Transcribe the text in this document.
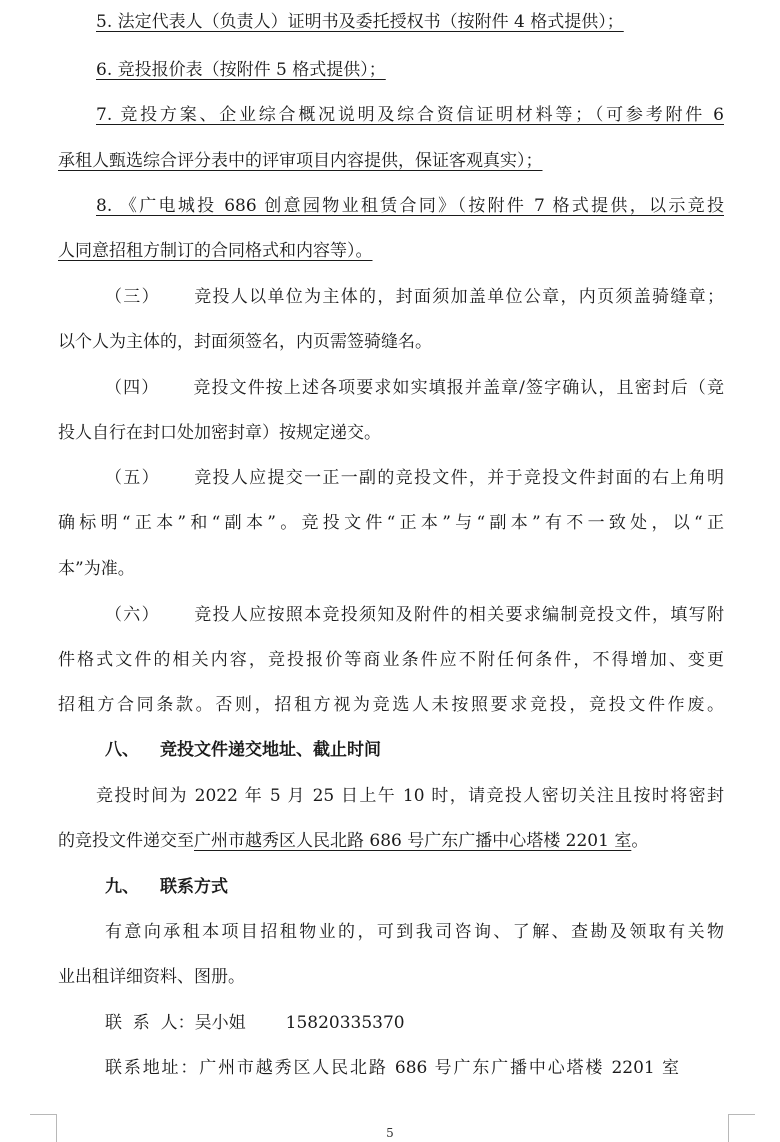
5. 法定代表人（负责人）证明书及委托授权书（按附件 4 格式提供）；
6. 竞投报价表（按附件 5 格式提供）；
7. 竞投方案、企业综合概况说明及综合资信证明材料等；（可参考附件 6
承租人甄选综合评分表中的评审项目内容提供，保证客观真实）；
8. 《广电城投 686 创意园物业租赁合同》（按附件 7 格式提供，以示竞投
人同意招租方制订的合同格式和内容等）。
（三） 竞投人以单位为主体的，封面须加盖单位公章，内页须盖骑缝章；
以个人为主体的，封面须签名，内页需签骑缝名。
（四） 竞投文件按上述各项要求如实填报并盖章/签字确认，且密封后（竞
投人自行在封口处加密封章）按规定递交。
（五） 竞投人应提交一正一副的竞投文件，并于竞投文件封面的右上角明
确标明“正本”和“副本”。竞投文件“正本”与“副本”有不一致处，以“正
本”为准。
（六） 竞投人应按照本竞投须知及附件的相关要求编制竞投文件，填写附
件格式文件的相关内容，竞投报价等商业条件应不附任何条件，不得增加、变更
招租方合同条款。否则，招租方视为竞选人未按照要求竞投，竞投文件作废。
八、 竞投文件递交地址、截止时间
竞投时间为 2022 年 5 月 25 日上午 10 时，请竞投人密切关注且按时将密封
的竞投文件递交至广州市越秀区人民北路 686 号广东广播中心塔楼 2201 室。
九、 联系方式
有意向承租本项目招租物业的，可到我司咨询、了解、查勘及领取有关物
业出租详细资料、图册。
联  系  人：吴小姐 15820335370
联系地址：广州市越秀区人民北路 686 号广东广播中心塔楼 2201 室
5
